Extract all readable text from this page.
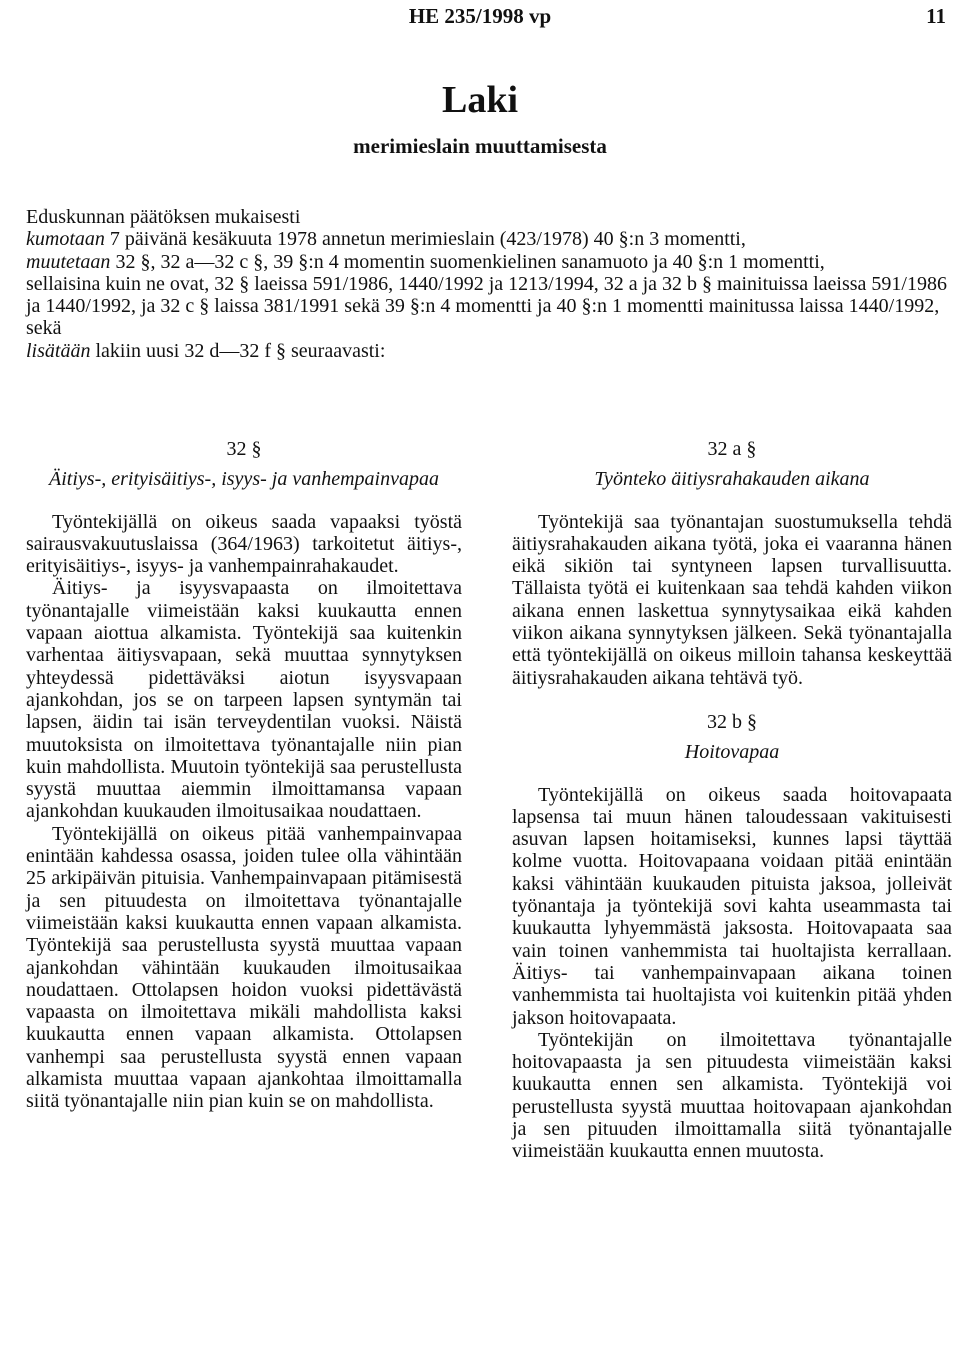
HE 235/1998 vp	11
Laki
merimieslain muuttamisesta

Eduskunnan päätöksen mukaisesti

kumotaan 7 päivänä kesäkuuta 1978 annetun merimieslain (423/1978) 40 §:n 3 momentti,

muutetaan 32 §, 32 a—32 c §, 39 §:n 4 momentin suomenkielinen sanamuoto ja 40 §:n 1 momentti,

sellaisina kuin ne ovat, 32 § laeissa 591/1986, 1440/1992 ja 1213/1994, 32 a ja 32 b § mainituissa laeissa 591/1986 ja 1440/1992, ja 32 c § laissa 381/1991 sekä 39 §:n 4 momentti ja 40 §:n 1 momentti mainitussa laissa 1440/1992, sekä

lisätään lakiin uusi 32 d—32 f § seuraavasti:

32 §
Äitiys-, erityisäitiys-, isyys- ja vanhempainvapaa

Työntekijällä on oikeus saada vapaaksi työstä sairausvakuutuslaissa (364/1963) tarkoitetut äitiys-, erityisäitiys-, isyys- ja vanhempainrahakaudet.

Äitiys- ja isyysvapaasta on ilmoitettava työnantajalle viimeistään kaksi kuukautta ennen vapaan aiottua alkamista. Työntekijä saa kuitenkin varhentaa äitiysvapaan, sekä muuttaa synnytyksen yhteydessä pidettäväksi aiotun isyysvapaan ajankohdan, jos se on tarpeen lapsen syntymän tai lapsen, äidin tai isän terveydentilan vuoksi. Näistä muutoksista on ilmoitettava työnantajalle niin pian kuin mahdollista. Muutoin työntekijä saa perustellusta syystä muuttaa aiemmin ilmoittamansa vapaan ajankohdan kuukauden ilmoitusaikaa noudattaen.

Työntekijällä on oikeus pitää vanhempainvapaa enintään kahdessa osassa, joiden tulee olla vähintään 25 arkipäivän pituisia. Vanhempainvapaan pitämisestä ja sen pituudesta on ilmoitettava työnantajalle viimeistään kaksi kuukautta ennen vapaan alkamista. Työntekijä saa perustellusta syystä muuttaa vapaan ajankohdan vähintään kuukauden ilmoitusaikaa noudattaen. Ottolapsen hoidon vuoksi pidettävästä vapaasta on ilmoitettava mikäli mahdollista kaksi kuukautta ennen vapaan alkamista. Ottolapsen vanhempi saa perustellusta syystä ennen vapaan alkamista muuttaa vapaan ajankohtaa ilmoittamalla siitä työnantajalle niin pian kuin se on mahdollista.

32 a §
Työnteko äitiysrahakauden aikana

Työntekijä saa työnantajan suostumuksella tehdä äitiysrahakauden aikana työtä, joka ei vaaranna hänen eikä sikiön tai syntyneen lapsen turvallisuutta. Tällaista työtä ei kuitenkaan saa tehdä kahden viikon aikana ennen laskettua synnytysaikaa eikä kahden viikon aikana synnytyksen jälkeen. Sekä työnantajalla että työntekijällä on oikeus milloin tahansa keskeyttää äitiysrahakauden aikana tehtävä työ.

32 b §
Hoitovapaa

Työntekijällä on oikeus saada hoitovapaata lapsensa tai muun hänen taloudessaan vakituisesti asuvan lapsen hoitamiseksi, kunnes lapsi täyttää kolme vuotta. Hoitovapaana voidaan pitää enintään kaksi vähintään kuukauden pituista jaksoa, jolleivät työnantaja ja työntekijä sovi kahta useammasta tai kuukautta lyhyemmästä jaksosta. Hoitovapaata saa vain toinen vanhemmista tai huoltajista kerrallaan. Äitiys- tai vanhempainvapaan aikana toinen vanhemmista tai huoltajista voi kuitenkin pitää yhden jakson hoitovapaata.

Työntekijän on ilmoitettava työnantajalle hoitovapaasta ja sen pituudesta viimeistään kaksi kuukautta ennen sen alkamista. Työntekijä voi perustellusta syystä muuttaa hoitovapaan ajankohdan ja sen pituuden ilmoittamalla siitä työnantajalle viimeistään kuukautta ennen muutosta.
